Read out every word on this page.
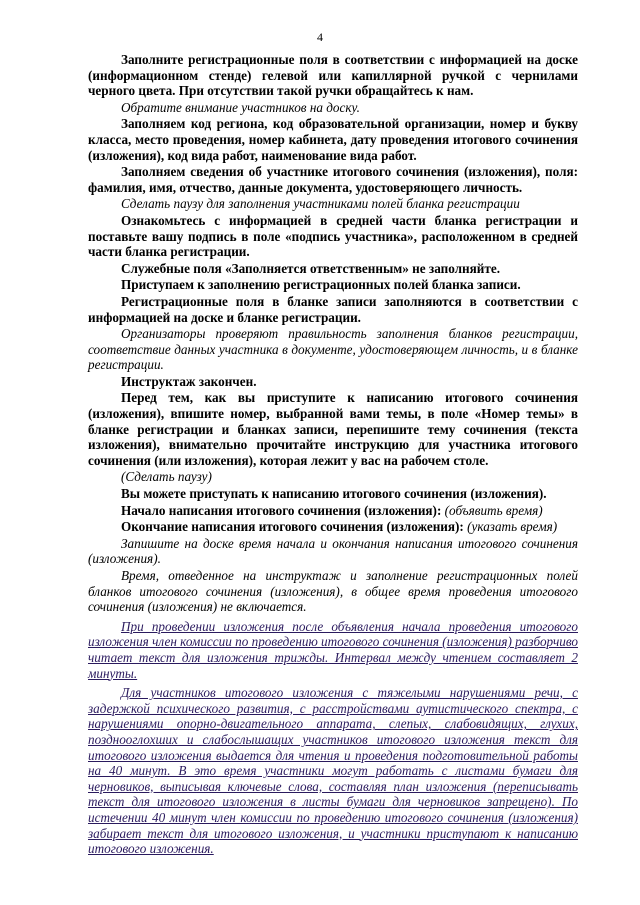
4

Заполните регистрационные поля в соответствии с информацией на доске (информационном стенде) гелевой или капиллярной ручкой с чернилами черного цвета. При отсутствии такой ручки обращайтесь к нам.

Обратите внимание участников на доску.

Заполняем код региона, код образовательной организации, номер и букву класса, место проведения, номер кабинета, дату проведения итогового сочинения (изложения), код вида работ, наименование вида работ.

Заполняем сведения об участнике итогового сочинения (изложения), поля: фамилия, имя, отчество, данные документа, удостоверяющего личность.

Сделать паузу для заполнения участниками полей бланка регистрации

Ознакомьтесь с информацией в средней части бланка регистрации и поставьте вашу подпись в поле «подпись участника», расположенном в средней части бланка регистрации.

Служебные поля «Заполняется ответственным» не заполняйте.

Приступаем к заполнению регистрационных полей бланка записи.

Регистрационные поля в бланке записи заполняются в соответствии с информацией на доске и бланке регистрации.

Организаторы проверяют правильность заполнения бланков регистрации, соответствие данных участника в документе, удостоверяющем личность, и в бланке регистрации.

Инструктаж закончен.

Перед тем, как вы приступите к написанию итогового сочинения (изложения), впишите номер, выбранной вами темы, в поле «Номер темы» в бланке регистрации и бланках записи, перепишите тему сочинения (текста изложения), внимательно прочитайте инструкцию для участника итогового сочинения (или изложения), которая лежит у вас на рабочем столе.

(Сделать паузу)

Вы можете приступать к написанию итогового сочинения (изложения).

Начало написания итогового сочинения (изложения): (объявить время)

Окончание написания итогового сочинения (изложения): (указать время)

Запишите на доске время начала и окончания написания итогового сочинения (изложения).

Время, отведенное на инструктаж и заполнение регистрационных полей бланков итогового сочинения (изложения), в общее время проведения итогового сочинения (изложения) не включается.

При проведении изложения после объявления начала проведения итогового изложения член комиссии по проведению итогового сочинения (изложения) разборчиво читает текст для изложения трижды. Интервал между чтением составляет 2 минуты.

Для участников итогового изложения с тяжелыми нарушениями речи, с задержкой психического развития, с расстройствами аутистического спектра, с нарушениями опорно-двигательного аппарата, слепых, слабовидящих, глухих, позднооглохших и слабослышащих участников итогового изложения текст для итогового изложения выдается для чтения и проведения подготовительной работы на 40 минут. В это время участники могут работать с листами бумаги для черновиков, выписывая ключевые слова, составляя план изложения (переписывать текст для итогового изложения в листы бумаги для черновиков запрещено). По истечении 40 минут член комиссии по проведению итогового сочинения (изложения) забирает текст для итогового изложения, и участники приступают к написанию итогового изложения.
